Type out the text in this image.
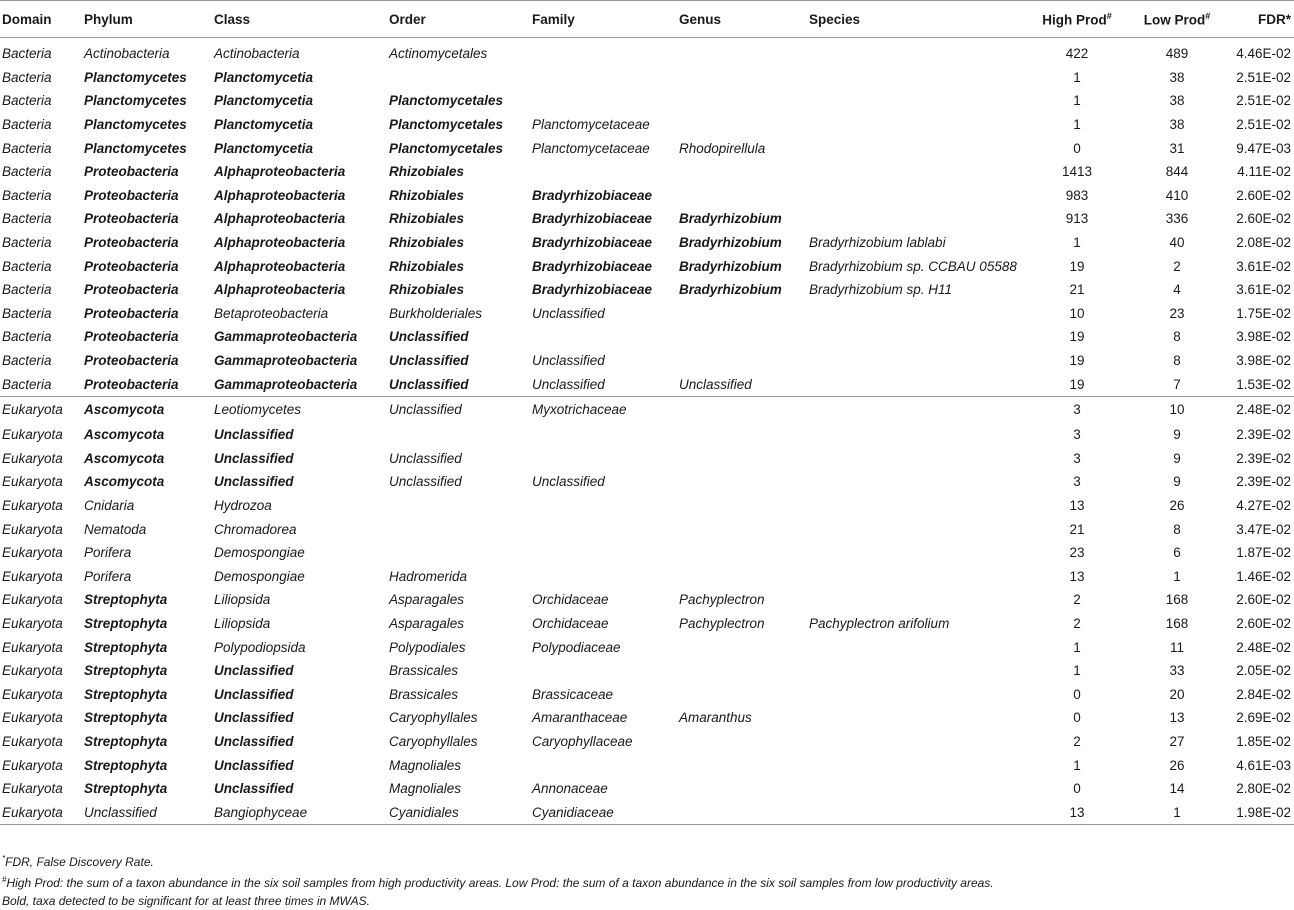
Domain	Phylum	Class	Order	Family	Genus	Species	High Prod#	Low Prod#	FDR*

Bacteria	Actinobacteria	Actinobacteria	Actinomycetales				422	489	4.46E-02
Bacteria	Planctomycetes	Planctomycetia					1	38	2.51E-02
Bacteria	Planctomycetes	Planctomycetia	Planctomycetales				1	38	2.51E-02
Bacteria	Planctomycetes	Planctomycetia	Planctomycetales	Planctomycetaceae			1	38	2.51E-02
Bacteria	Planctomycetes	Planctomycetia	Planctomycetales	Planctomycetaceae	Rhodopirellula		0	31	9.47E-03
Bacteria	Proteobacteria	Alphaproteobacteria	Rhizobiales				1413	844	4.11E-02
Bacteria	Proteobacteria	Alphaproteobacteria	Rhizobiales	Bradyrhizobiaceae			983	410	2.60E-02
Bacteria	Proteobacteria	Alphaproteobacteria	Rhizobiales	Bradyrhizobiaceae	Bradyrhizobium		913	336	2.60E-02
Bacteria	Proteobacteria	Alphaproteobacteria	Rhizobiales	Bradyrhizobiaceae	Bradyrhizobium	Bradyrhizobium lablabi	1	40	2.08E-02
Bacteria	Proteobacteria	Alphaproteobacteria	Rhizobiales	Bradyrhizobiaceae	Bradyrhizobium	Bradyrhizobium sp. CCBAU 05588	19	2	3.61E-02
Bacteria	Proteobacteria	Alphaproteobacteria	Rhizobiales	Bradyrhizobiaceae	Bradyrhizobium	Bradyrhizobium sp. H11	21	4	3.61E-02
Bacteria	Proteobacteria	Betaproteobacteria	Burkholderiales	Unclassified			10	23	1.75E-02
Bacteria	Proteobacteria	Gammaproteobacteria	Unclassified				19	8	3.98E-02
Bacteria	Proteobacteria	Gammaproteobacteria	Unclassified	Unclassified			19	8	3.98E-02
Bacteria	Proteobacteria	Gammaproteobacteria	Unclassified	Unclassified	Unclassified		19	7	1.53E-02
Eukaryota	Ascomycota	Leotiomycetes	Unclassified	Myxotrichaceae			3	10	2.48E-02
Eukaryota	Ascomycota	Unclassified					3	9	2.39E-02
Eukaryota	Ascomycota	Unclassified	Unclassified				3	9	2.39E-02
Eukaryota	Ascomycota	Unclassified	Unclassified	Unclassified			3	9	2.39E-02
Eukaryota	Cnidaria	Hydrozoa					13	26	4.27E-02
Eukaryota	Nematoda	Chromadorea					21	8	3.47E-02
Eukaryota	Porifera	Demospongiae					23	6	1.87E-02
Eukaryota	Porifera	Demospongiae	Hadromerida				13	1	1.46E-02
Eukaryota	Streptophyta	Liliopsida	Asparagales	Orchidaceae	Pachyplectron		2	168	2.60E-02
Eukaryota	Streptophyta	Liliopsida	Asparagales	Orchidaceae	Pachyplectron	Pachyplectron arifolium	2	168	2.60E-02
Eukaryota	Streptophyta	Polypodiopsida	Polypodiales	Polypodiaceae			1	11	2.48E-02
Eukaryota	Streptophyta	Unclassified	Brassicales				1	33	2.05E-02
Eukaryota	Streptophyta	Unclassified	Brassicales	Brassicaceae			0	20	2.84E-02
Eukaryota	Streptophyta	Unclassified	Caryophyllales	Amaranthaceae	Amaranthus		0	13	2.69E-02
Eukaryota	Streptophyta	Unclassified	Caryophyllales	Caryophyllaceae			2	27	1.85E-02
Eukaryota	Streptophyta	Unclassified	Magnoliales				1	26	4.61E-03
Eukaryota	Streptophyta	Unclassified	Magnoliales	Annonaceae			0	14	2.80E-02
Eukaryota	Unclassified	Bangiophyceae	Cyanidiales	Cyanidiaceae			13	1	1.98E-02
*FDR, False Discovery Rate.
#High Prod: the sum of a taxon abundance in the six soil samples from high productivity areas. Low Prod: the sum of a taxon abundance in the six soil samples from low productivity areas.
Bold, taxa detected to be significant for at least three times in MWAS.
